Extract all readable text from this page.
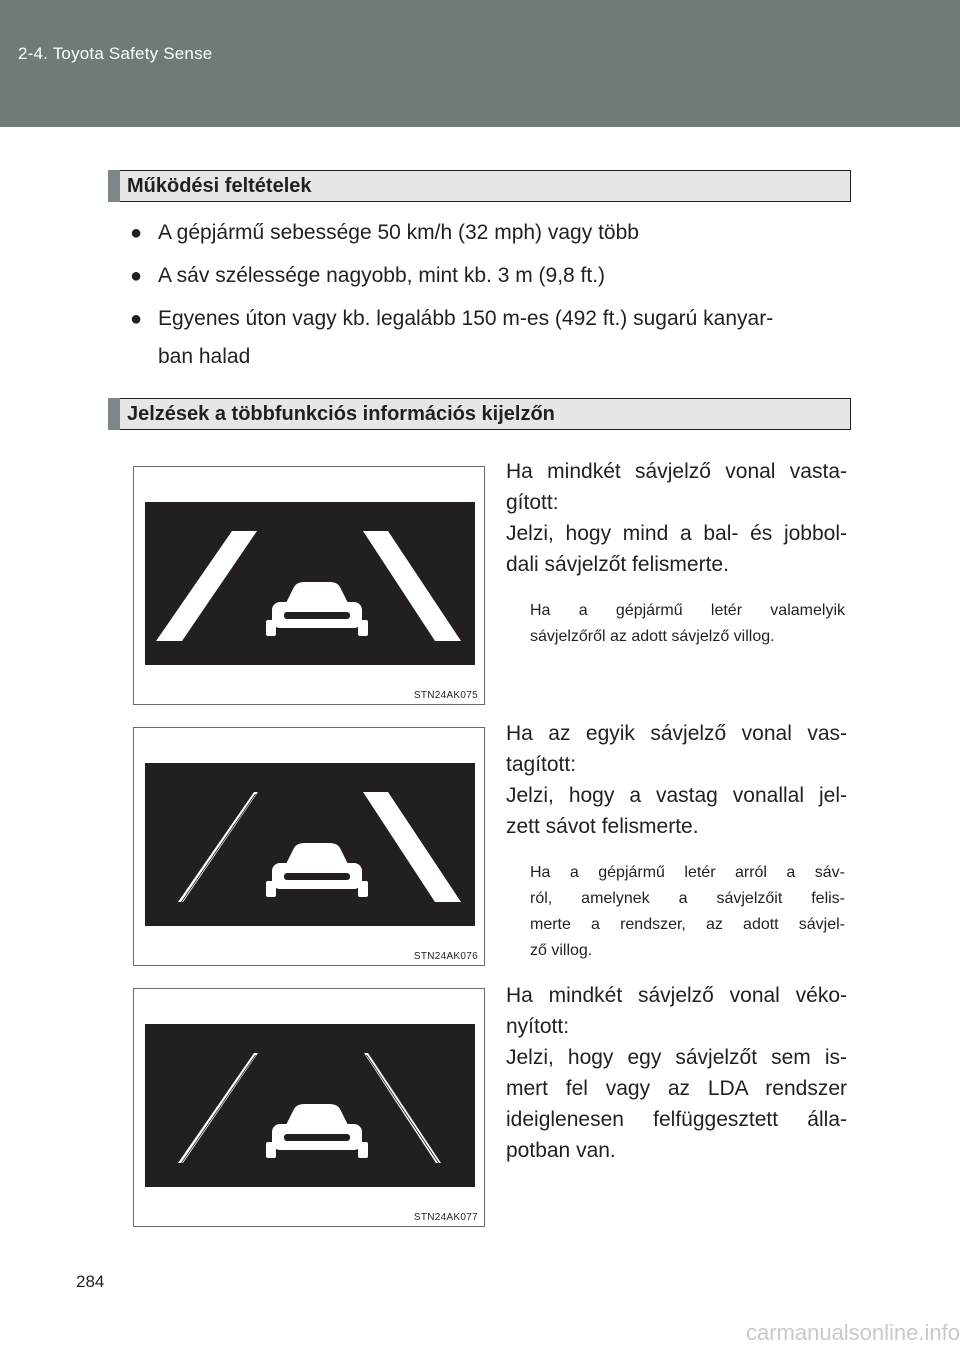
2-4. Toyota Safety Sense
Működési feltételek
● A gépjármű sebessége 50 km/h (32 mph) vagy több
● A sáv szélessége nagyobb, mint kb. 3 m (9,8 ft.)
● Egyenes úton vagy kb. legalább 150 m-es (492 ft.) sugarú kanyar-
ban halad
Jelzések a többfunkciós információs kijelzőn
STN24AK075

Ha mindkét sávjelző vonal vasta-

gított:

Jelzi, hogy mind a bal- és jobbol-

dali sávjelzőt felismerte.

Ha a gépjármű letér valamelyik

sávjelzőről az adott sávjelző villog.

STN24AK076

Ha az egyik sávjelző vonal vas-

tagított:

Jelzi, hogy a vastag vonallal jel-

zett sávot felismerte.

Ha a gépjármű letér arról a sáv-

ról, amelynek a sávjelzőit felis-

merte a rendszer, az adott sávjel-

ző villog.

STN24AK077

Ha mindkét sávjelző vonal véko-

nyított:

Jelzi, hogy egy sávjelzőt sem is-

mert fel vagy az LDA rendszer

ideiglenesen felfüggesztett álla-

potban van.

284
carmanualsonline.info
